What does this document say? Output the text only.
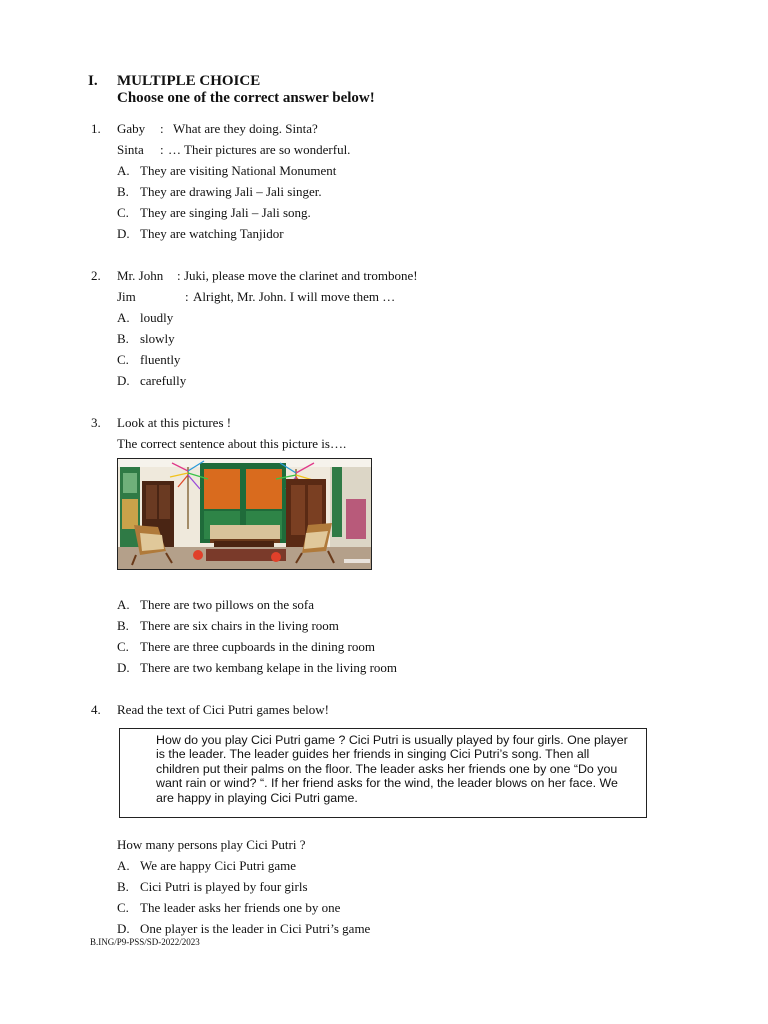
I. MULTIPLE CHOICE
Choose one of the correct answer below!
1. Gaby : What are they doing. Sinta?
Sinta : … Their pictures are so wonderful.
A. They are visiting National Monument
B. They are drawing Jali – Jali singer.
C. They are singing Jali – Jali song.
D. They are watching Tanjidor
2. Mr. John : Juki, please move the clarinet and trombone!
Jim	: Alright, Mr. John. I will move them …
A. loudly
B. slowly
C. fluently
D. carefully
3. Look at this pictures !
The correct sentence about this picture is….
A. There are two pillows on the sofa
B. There are six chairs in the living room
C. There are three cupboards in the dining room
D. There are two kembang kelape in the living room
4. Read the text of Cici Putri games below!
How do you play Cici Putri game ? Cici Putri is usually played by four girls. One player is the leader. The leader guides her friends in singing Cici Putri’s song. Then all children put their palms on the floor. The leader asks her friends one by one “Do you want rain or wind? “. If her friend asks for the wind, the leader blows on her face. We are happy in playing Cici Putri game.
How many persons play Cici Putri ?
A. We are happy Cici Putri game
B. Cici Putri is played by four girls
C. The leader asks her friends one by one
D. One player is the leader in Cici Putri’s game
B.ING/P9-PSS/SD-2022/2023
